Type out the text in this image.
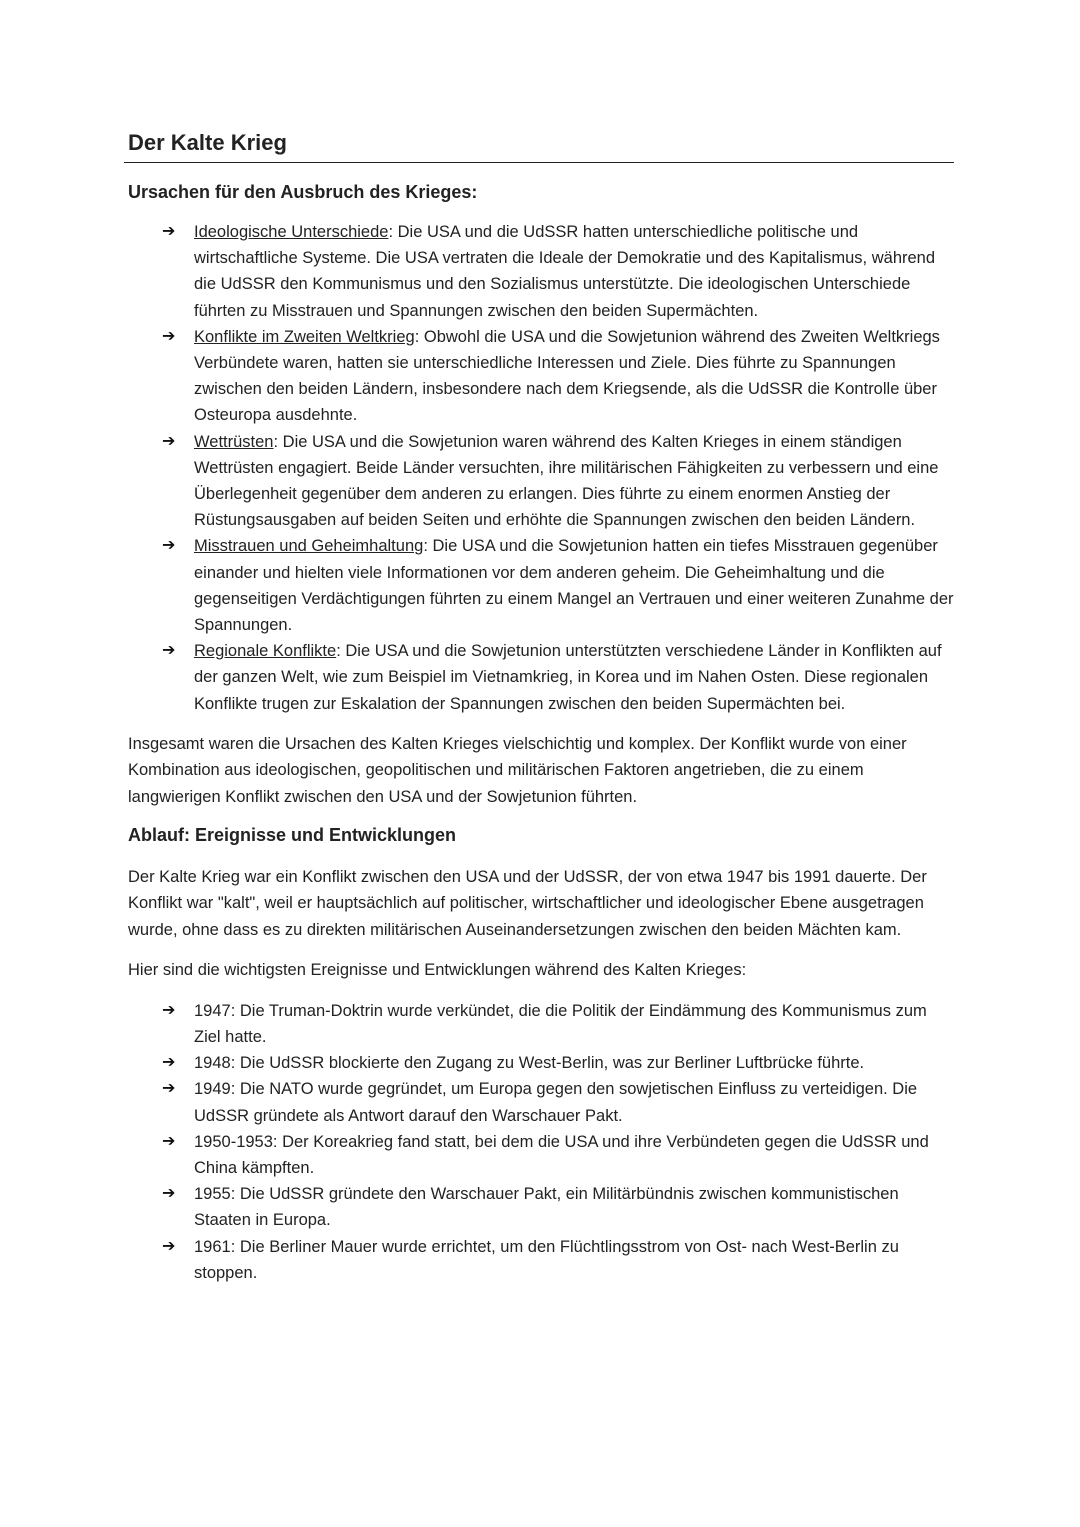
Der Kalte Krieg
Ursachen für den Ausbruch des Krieges:
➔ Ideologische Unterschiede: Die USA und die UdSSR hatten unterschiedliche politische und wirtschaftliche Systeme. Die USA vertraten die Ideale der Demokratie und des Kapitalismus, während die UdSSR den Kommunismus und den Sozialismus unterstützte. Die ideologischen Unterschiede führten zu Misstrauen und Spannungen zwischen den beiden Supermächten.
➔ Konflikte im Zweiten Weltkrieg: Obwohl die USA und die Sowjetunion während des Zweiten Weltkriegs Verbündete waren, hatten sie unterschiedliche Interessen und Ziele. Dies führte zu Spannungen zwischen den beiden Ländern, insbesondere nach dem Kriegsende, als die UdSSR die Kontrolle über Osteuropa ausdehnte.
➔ Wettrüsten: Die USA und die Sowjetunion waren während des Kalten Krieges in einem ständigen Wettrüsten engagiert. Beide Länder versuchten, ihre militärischen Fähigkeiten zu verbessern und eine Überlegenheit gegenüber dem anderen zu erlangen. Dies führte zu einem enormen Anstieg der Rüstungsausgaben auf beiden Seiten und erhöhte die Spannungen zwischen den beiden Ländern.
➔ Misstrauen und Geheimhaltung: Die USA und die Sowjetunion hatten ein tiefes Misstrauen gegenüber einander und hielten viele Informationen vor dem anderen geheim. Die Geheimhaltung und die gegenseitigen Verdächtigungen führten zu einem Mangel an Vertrauen und einer weiteren Zunahme der Spannungen.
➔ Regionale Konflikte: Die USA und die Sowjetunion unterstützten verschiedene Länder in Konflikten auf der ganzen Welt, wie zum Beispiel im Vietnamkrieg, in Korea und im Nahen Osten. Diese regionalen Konflikte trugen zur Eskalation der Spannungen zwischen den beiden Supermächten bei.

Insgesamt waren die Ursachen des Kalten Krieges vielschichtig und komplex. Der Konflikt wurde von einer Kombination aus ideologischen, geopolitischen und militärischen Faktoren angetrieben, die zu einem langwierigen Konflikt zwischen den USA und der Sowjetunion führten.

Ablauf: Ereignisse und Entwicklungen

Der Kalte Krieg war ein Konflikt zwischen den USA und der UdSSR, der von etwa 1947 bis 1991 dauerte. Der Konflikt war "kalt", weil er hauptsächlich auf politischer, wirtschaftlicher und ideologischer Ebene ausgetragen wurde, ohne dass es zu direkten militärischen Auseinandersetzungen zwischen den beiden Mächten kam.

Hier sind die wichtigsten Ereignisse und Entwicklungen während des Kalten Krieges:

➔ 1947: Die Truman-Doktrin wurde verkündet, die die Politik der Eindämmung des Kommunismus zum Ziel hatte.
➔ 1948: Die UdSSR blockierte den Zugang zu West-Berlin, was zur Berliner Luftbrücke führte.
➔ 1949: Die NATO wurde gegründet, um Europa gegen den sowjetischen Einfluss zu verteidigen. Die UdSSR gründete als Antwort darauf den Warschauer Pakt.
➔ 1950-1953: Der Koreakrieg fand statt, bei dem die USA und ihre Verbündeten gegen die UdSSR und China kämpften.
➔ 1955: Die UdSSR gründete den Warschauer Pakt, ein Militärbündnis zwischen kommunistischen Staaten in Europa.
➔ 1961: Die Berliner Mauer wurde errichtet, um den Flüchtlingsstrom von Ost- nach West-Berlin zu stoppen.
